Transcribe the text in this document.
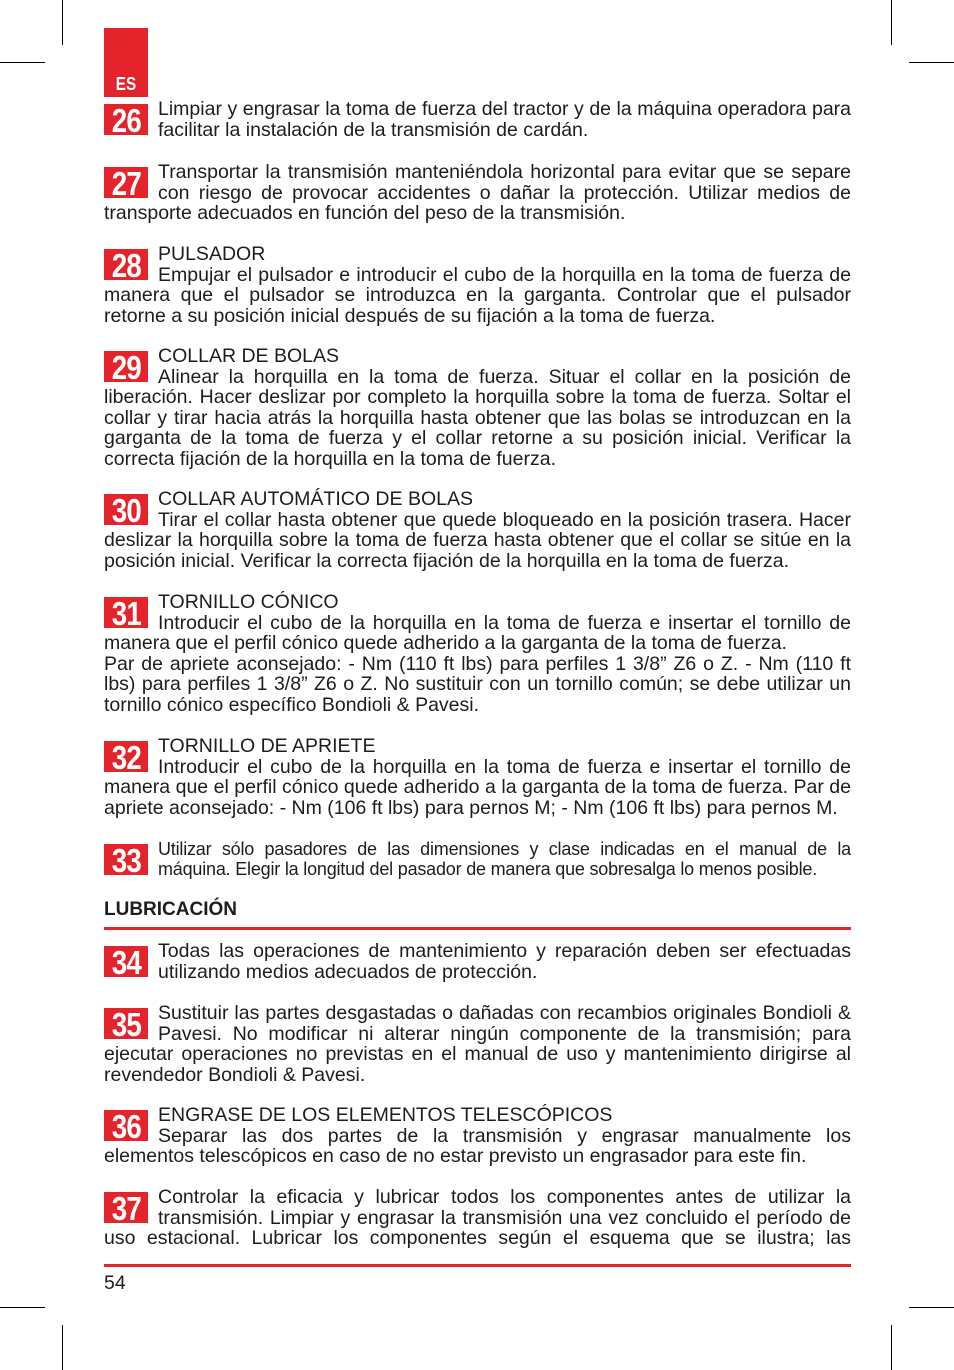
ES
26 Limpiar y engrasar la toma de fuerza del tractor y de la máquina operadora para facilitar la instalación de la transmisión de cardán.
27 Transportar la transmisión manteniéndola horizontal para evitar que se separe con riesgo de provocar accidentes o dañar la protección. Utilizar medios de transporte adecuados en función del peso de la transmisión.
28 PULSADOR
Empujar el pulsador e introducir el cubo de la horquilla en la toma de fuerza de manera que el pulsador se introduzca en la garganta. Controlar que el pulsador retorne a su posición inicial después de su fijación a la toma de fuerza.
29 COLLAR DE BOLAS
Alinear la horquilla en la toma de fuerza. Situar el collar en la posición de liberación. Hacer deslizar por completo la horquilla sobre la toma de fuerza. Soltar el collar y tirar hacia atrás la horquilla hasta obtener que las bolas se introduzcan en la garganta de la toma de fuerza y el collar retorne a su posición inicial. Verificar la correcta fijación de la horquilla en la toma de fuerza.
30 COLLAR AUTOMÁTICO DE BOLAS
Tirar el collar hasta obtener que quede bloqueado en la posición trasera. Hacer deslizar la horquilla sobre la toma de fuerza hasta obtener que el collar se sitúe en la posición inicial. Verificar la correcta fijación de la horquilla en la toma de fuerza.
31 TORNILLO CÓNICO
Introducir el cubo de la horquilla en la toma de fuerza e insertar el tornillo de manera que el perfil cónico quede adherido a la garganta de la toma de fuerza.
Par de apriete aconsejado: - Nm (110 ft lbs) para perfiles 1 3/8” Z6 o Z. - Nm (110 ft lbs) para perfiles 1 3/8” Z6 o Z. No sustituir con un tornillo común; se debe utilizar un tornillo cónico específico Bondioli & Pavesi.
32 TORNILLO DE APRIETE
Introducir el cubo de la horquilla en la toma de fuerza e insertar el tornillo de manera que el perfil cónico quede adherido a la garganta de la toma de fuerza. Par de apriete aconsejado: - Nm (106 ft lbs) para pernos M; - Nm (106 ft lbs) para pernos M.
33 Utilizar sólo pasadores de las dimensiones y clase indicadas en el manual de la máquina. Elegir la longitud del pasador de manera que sobresalga lo menos posible.
LUBRICACIÓN
34 Todas las operaciones de mantenimiento y reparación deben ser efectuadas utilizando medios adecuados de protección.
35 Sustituir las partes desgastadas o dañadas con recambios originales Bondioli & Pavesi. No modificar ni alterar ningún componente de la transmisión; para ejecutar operaciones no previstas en el manual de uso y mantenimiento dirigirse al revendedor Bondioli & Pavesi.
36 ENGRASE DE LOS ELEMENTOS TELESCÓPICOS
Separar las dos partes de la transmisión y engrasar manualmente los elementos telescópicos en caso de no estar previsto un engrasador para este fin.
37 Controlar la eficacia y lubricar todos los componentes antes de utilizar la transmisión. Limpiar y engrasar la transmisión una vez concluido el período de uso estacional. Lubricar los componentes según el esquema que se ilustra; las
54
